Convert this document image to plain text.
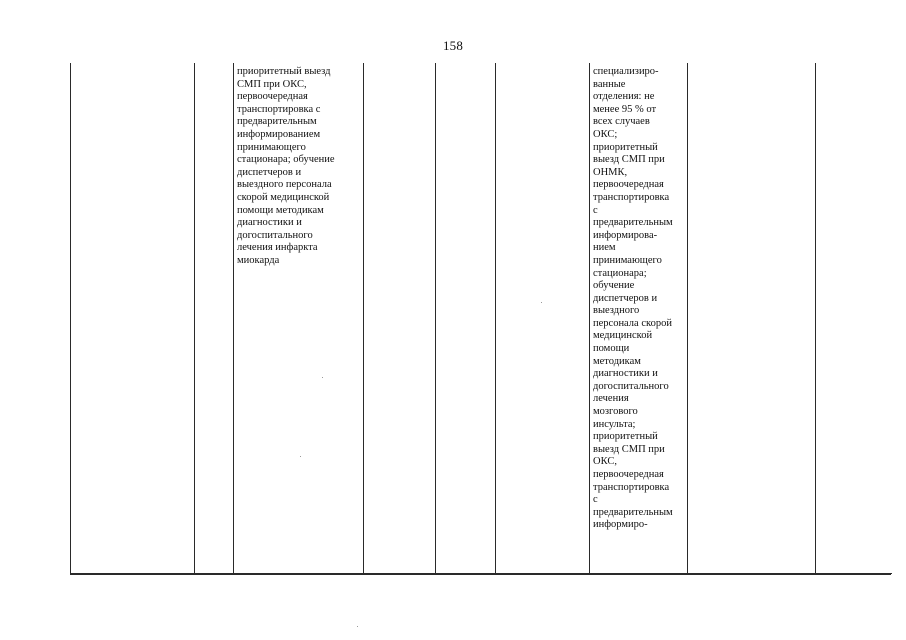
158
		приоритетный выезд
СМП при ОКС,
первоочередная
транспортировка с
предварительным
информированием
принимающего
стационара; обучение
диспетчеров и
выездного персонала
скорой медицинской
помощи методикам
диагностики и
догоспитального
лечения инфаркта
миокарда				специализиро-
ванные
отделения: не
менее 95 % от
всех случаев
ОКС;
приоритетный
выезд СМП при
ОНМК,
первоочередная
транспортировка
с
предварительным
информирова-
нием
принимающего
стационара;
обучение
диспетчеров и
выездного
персонала скорой
медицинской
помощи
методикам
диагностики и
догоспитального
лечения
мозгового
инсульта;
приоритетный
выезд СМП при
ОКС,
первоочередная
транспортировка
с
предварительным
информиро-		
